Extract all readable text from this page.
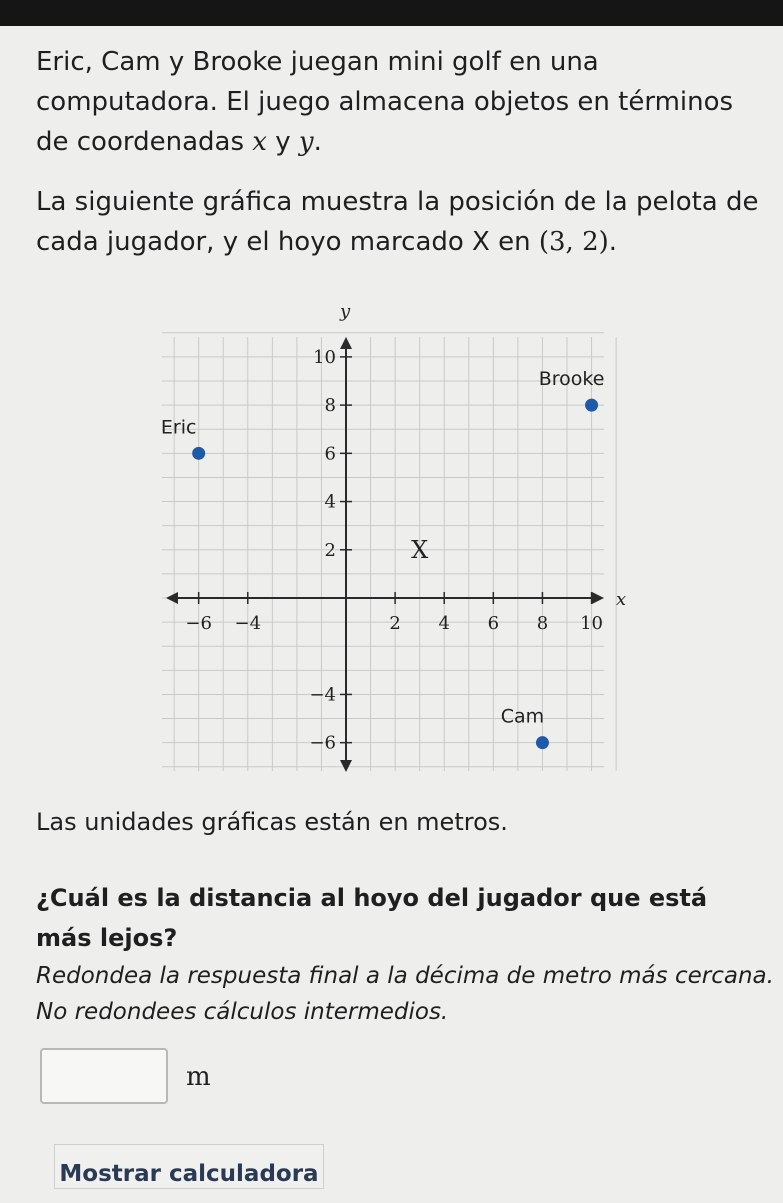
Eric, Cam y Brooke juegan mini golf en una computadora. El juego almacena objetos en términos de coordenadas x y y.

La siguiente gráfica muestra la posición de la pelota de cada jugador, y el hoyo marcado X en (3, 2).

x
y
−6 −4	2 4 6 8 10
−6
−4
2
4
6
8
10
X
Eric
Brooke
Cam

Las unidades gráficas están en metros.

¿Cuál es la distancia al hoyo del jugador que está más lejos?

Redondea la respuesta final a la décima de metro más cercana.

No redondees cálculos intermedios.

m
Mostrar calculadora
